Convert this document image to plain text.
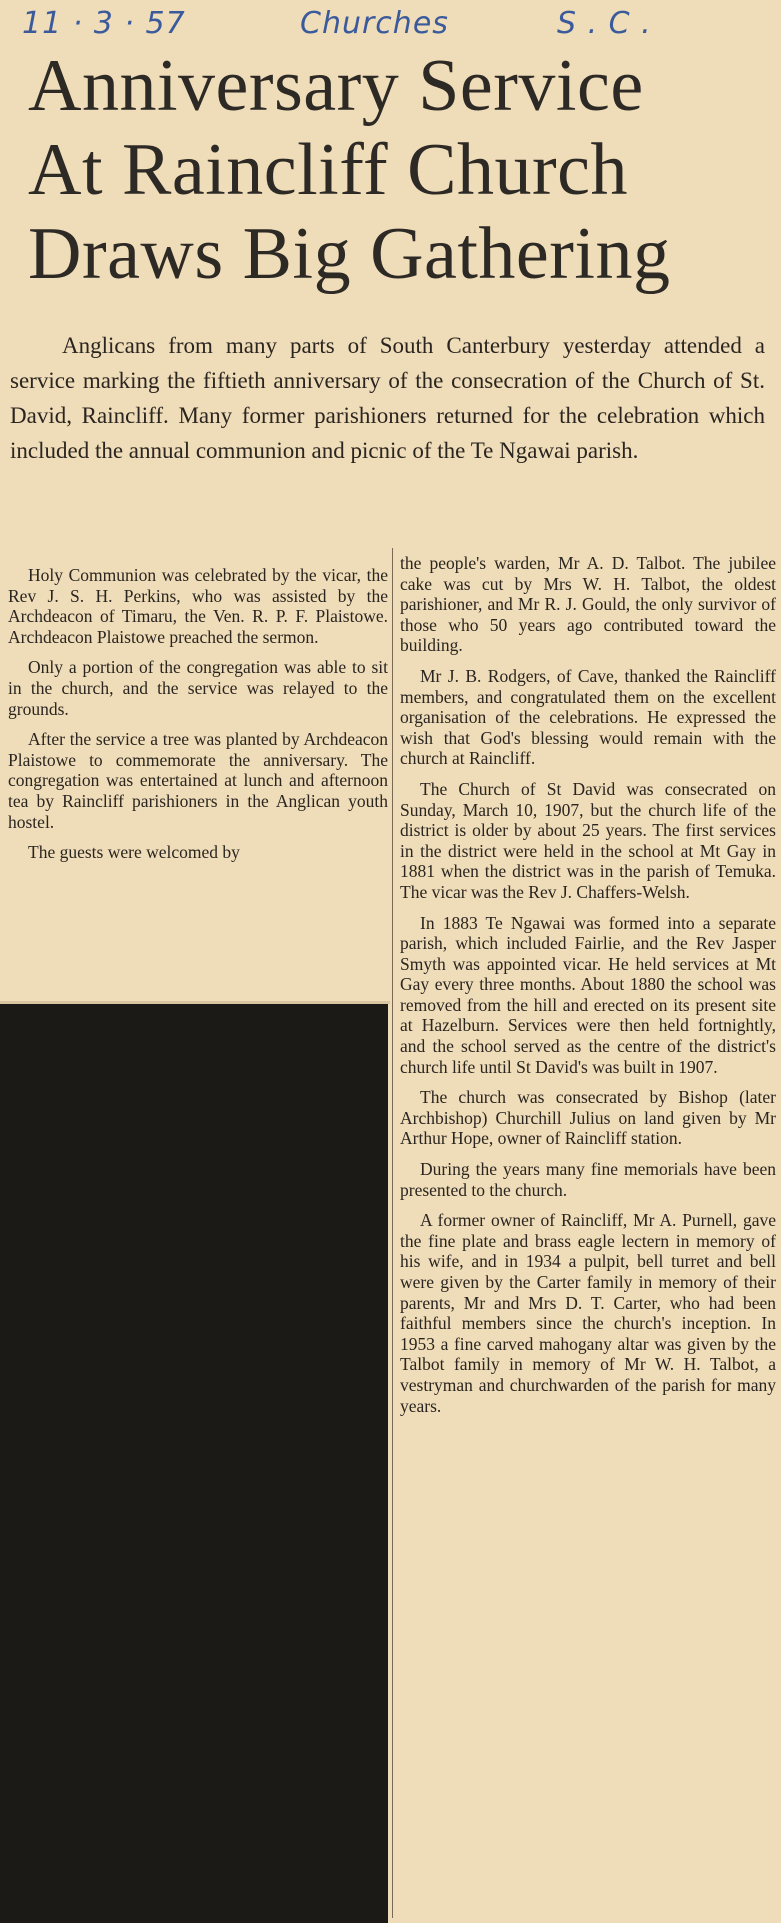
11 · 3 · 57	Churches	S . C .
Anniversary Service
At Raincliff Church
Draws Big Gathering

Anglicans from many parts of South Canterbury yesterday attended a service marking the fiftieth anniversary of the consecration of the Church of St. David, Raincliff. Many former parishioners returned for the celebration which included the annual communion and picnic of the Te Ngawai parish.

Holy Communion was celebrated by the vicar, the Rev J. S. H. Perkins, who was assisted by the Archdeacon of Timaru, the Ven. R. P. F. Plaistowe. Archdeacon Plaistowe preached the sermon.

Only a portion of the congregation was able to sit in the church, and the service was relayed to the grounds.

After the service a tree was planted by Archdeacon Plaistowe to commemorate the anniversary. The congregation was entertained at lunch and afternoon tea by Raincliff parishioners in the Anglican youth hostel.

The guests were welcomed by

the people's warden, Mr A. D. Talbot. The jubilee cake was cut by Mrs W. H. Talbot, the oldest parishioner, and Mr R. J. Gould, the only survivor of those who 50 years ago contributed toward the building.

Mr J. B. Rodgers, of Cave, thanked the Raincliff members, and congratulated them on the excellent organisation of the celebrations. He expressed the wish that God's blessing would remain with the church at Raincliff.

The Church of St David was consecrated on Sunday, March 10, 1907, but the church life of the district is older by about 25 years. The first services in the district were held in the school at Mt Gay in 1881 when the district was in the parish of Temuka. The vicar was the Rev J. Chaffers-Welsh.

In 1883 Te Ngawai was formed into a separate parish, which included Fairlie, and the Rev Jasper Smyth was appointed vicar. He held services at Mt Gay every three months. About 1880 the school was removed from the hill and erected on its present site at Hazelburn. Services were then held fortnightly, and the school served as the centre of the district's church life until St David's was built in 1907.

The church was consecrated by Bishop (later Archbishop) Churchill Julius on land given by Mr Arthur Hope, owner of Raincliff station.

During the years many fine memorials have been presented to the church.

A former owner of Raincliff, Mr A. Purnell, gave the fine plate and brass eagle lectern in memory of his wife, and in 1934 a pulpit, bell turret and bell were given by the Carter family in memory of their parents, Mr and Mrs D. T. Carter, who had been faithful members since the church's inception. In 1953 a fine carved mahogany altar was given by the Talbot family in memory of Mr W. H. Talbot, a vestryman and churchwarden of the parish for many years.
